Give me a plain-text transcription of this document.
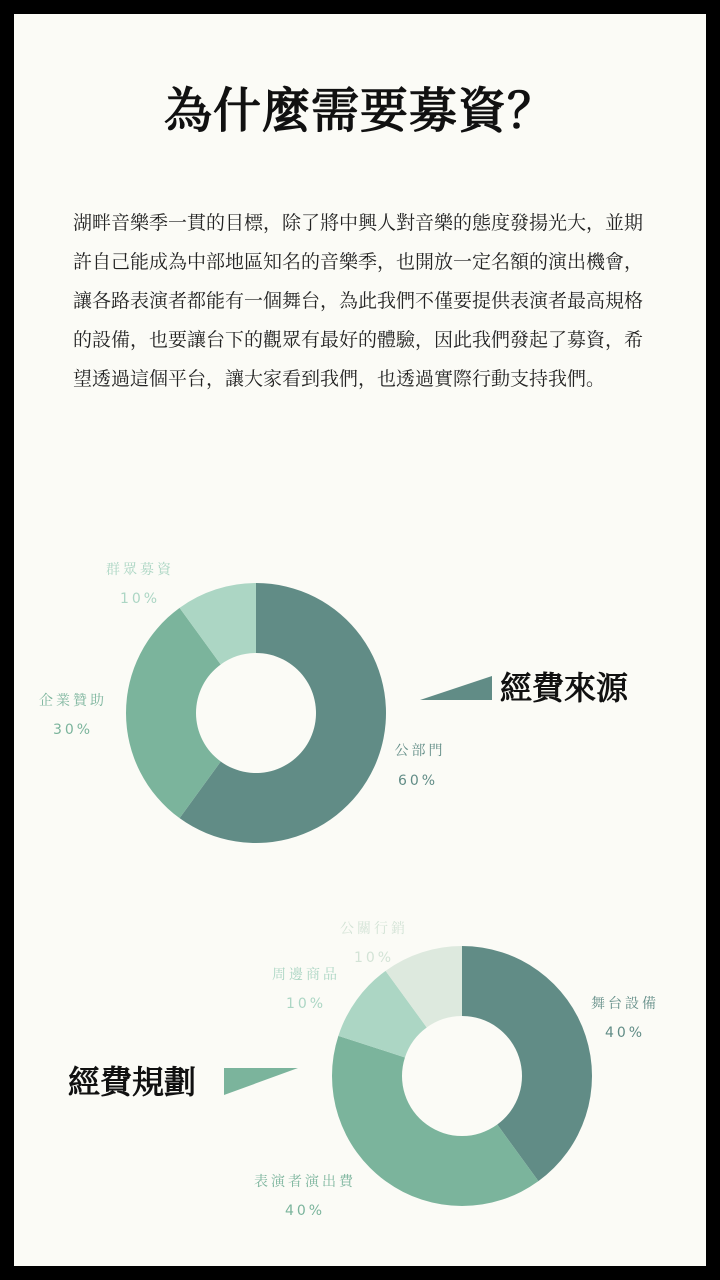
為什麼需要募資？

湖畔音樂季一貫的目標，除了將中興人對音樂的態度發揚光大，並期許自己能成為中部地區知名的音樂季，也開放一定名額的演出機會，讓各路表演者都能有一個舞台，為此我們不僅要提供表演者最高規格的設備，也要讓台下的觀眾有最好的體驗，因此我們發起了募資，希望透過這個平台，讓大家看到我們，也透過實際行動支持我們。

公部門
60%
企業贊助
30%
群眾募資
10%
經費來源
舞台設備
40%
表演者演出費
40%
周邊商品
10%
公關行銷
10%
經費規劃
